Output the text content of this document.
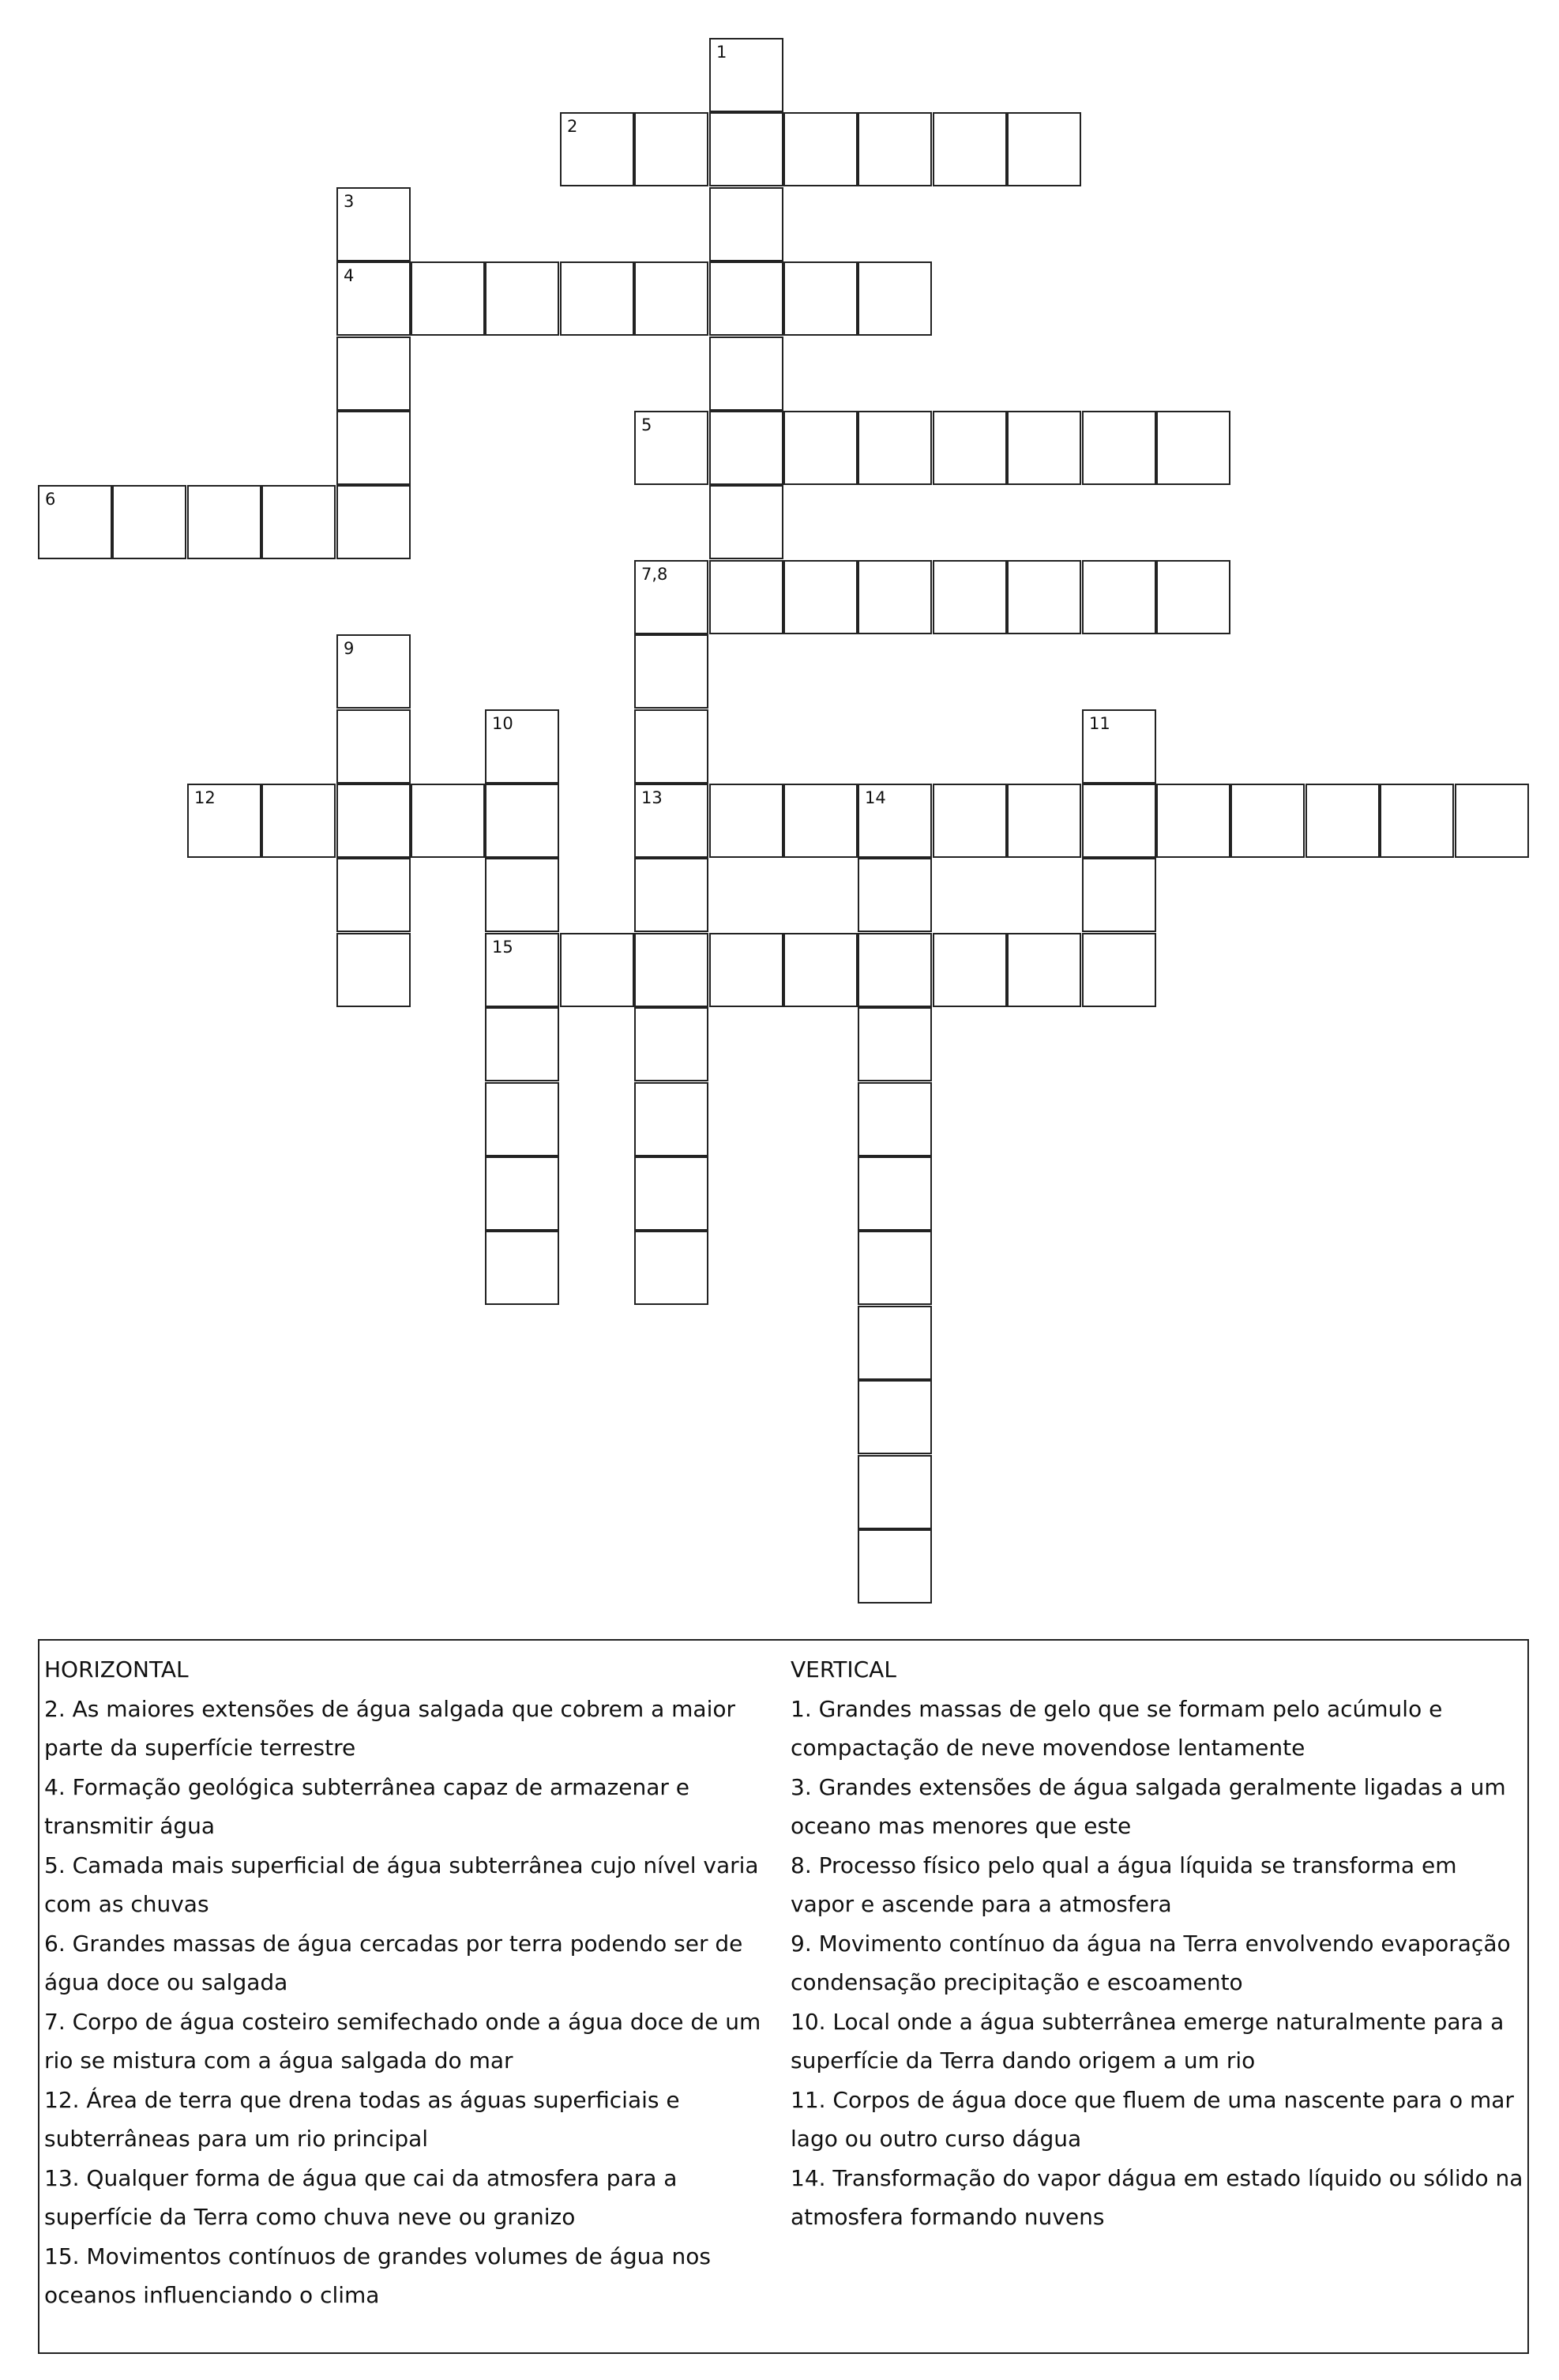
1
2
3
4
5
6
7,8
9
10	11
12	13	14
15
HORIZONTAL
2. As maiores extensões de água salgada que cobrem a maior parte da superfície terrestre
4. Formação geológica subterrânea capaz de armazenar e transmitir água
5. Camada mais superficial de água subterrânea cujo nível varia com as chuvas
6. Grandes massas de água cercadas por terra podendo ser de água doce ou salgada
7. Corpo de água costeiro semifechado onde a água doce de um rio se mistura com a água salgada do mar
12. Área de terra que drena todas as águas superficiais e subterrâneas para um rio principal
13. Qualquer forma de água que cai da atmosfera para a superfície da Terra como chuva neve ou granizo
15. Movimentos contínuos de grandes volumes de água nos oceanos influenciando o clima
VERTICAL
1. Grandes massas de gelo que se formam pelo acúmulo e compactação de neve movendose lentamente
3. Grandes extensões de água salgada geralmente ligadas a um oceano mas menores que este
8. Processo físico pelo qual a água líquida se transforma em vapor e ascende para a atmosfera
9. Movimento contínuo da água na Terra envolvendo evaporação condensação precipitação e escoamento
10. Local onde a água subterrânea emerge naturalmente para a superfície da Terra dando origem a um rio
11. Corpos de água doce que fluem de uma nascente para o mar lago ou outro curso dágua
14. Transformação do vapor dágua em estado líquido ou sólido na atmosfera formando nuvens
